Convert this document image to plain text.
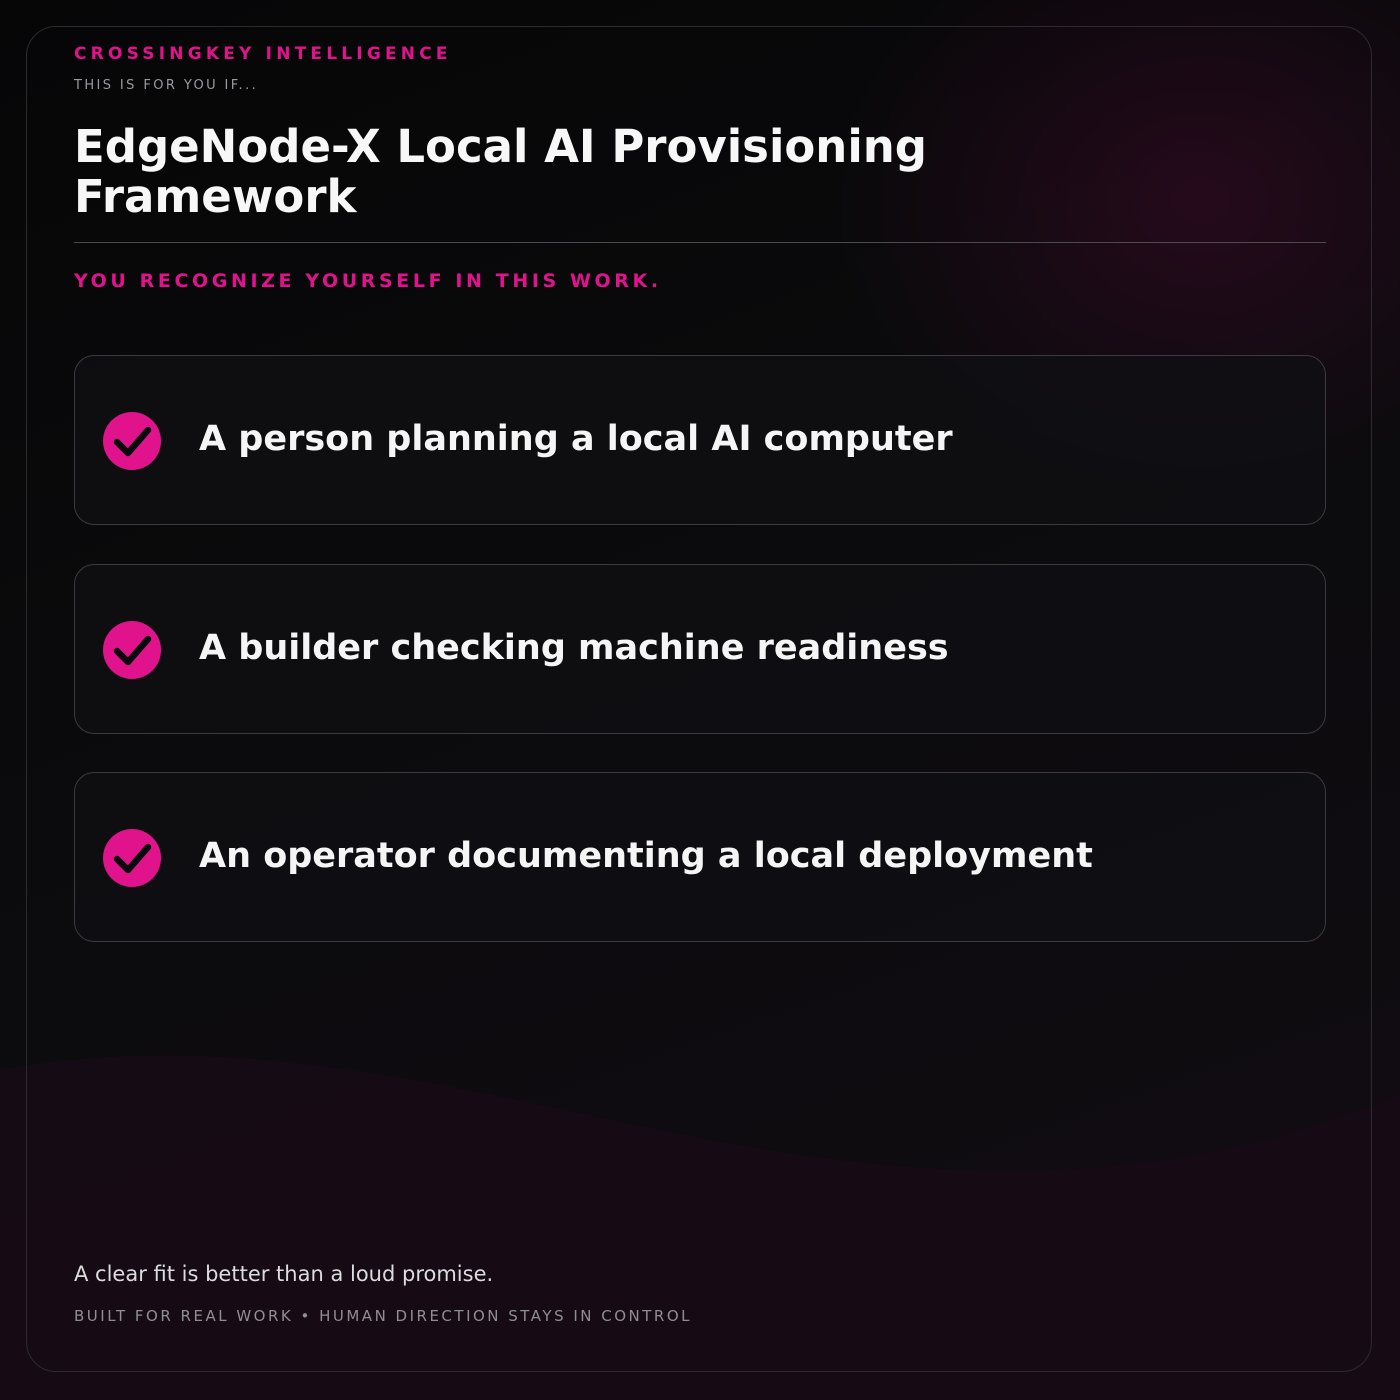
CROSSINGKEY INTELLIGENCE
THIS IS FOR YOU IF...
EdgeNode-X Local AI Provisioning Framework
YOU RECOGNIZE YOURSELF IN THIS WORK.
A person planning a local AI computer
A builder checking machine readiness
An operator documenting a local deployment
A clear fit is better than a loud promise.
BUILT FOR REAL WORK • HUMAN DIRECTION STAYS IN CONTROL
